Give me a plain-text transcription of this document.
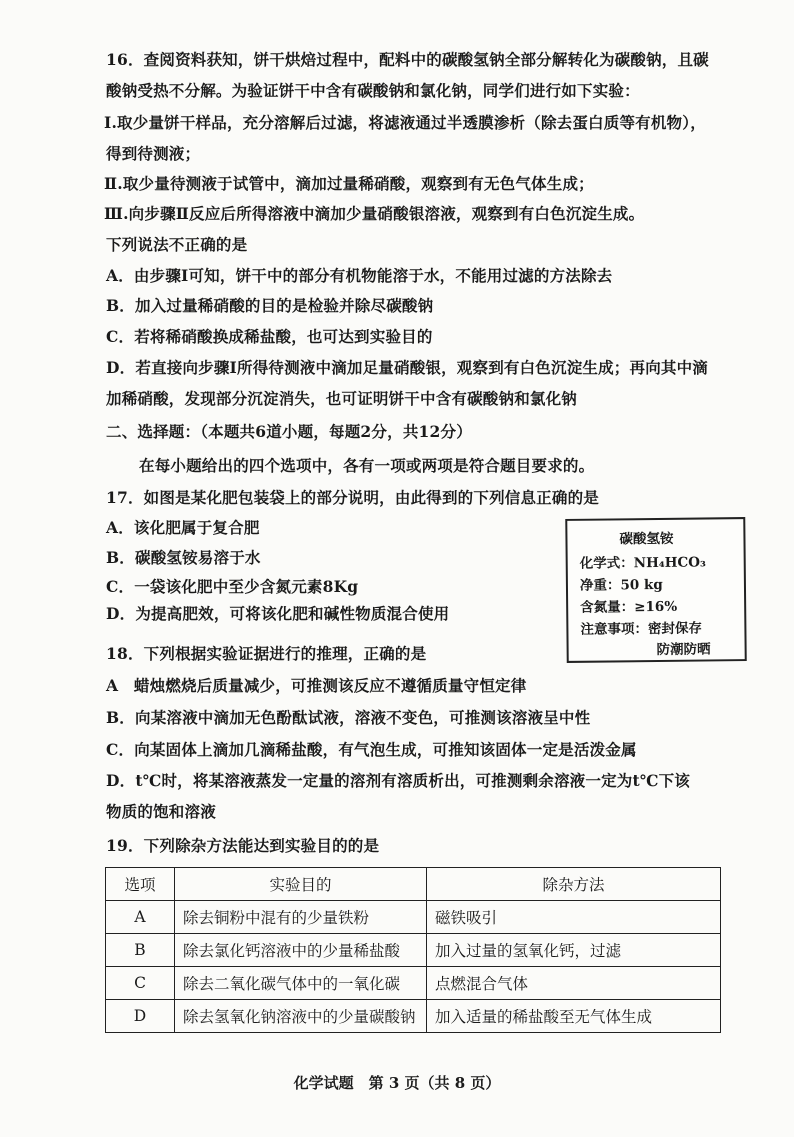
16．查阅资料获知，饼干烘焙过程中，配料中的碳酸氢钠全部分解转化为碳酸钠，且碳
酸钠受热不分解。为验证饼干中含有碳酸钠和氯化钠，同学们进行如下实验：
Ⅰ.取少量饼干样品，充分溶解后过滤，将滤液通过半透膜渗析（除去蛋白质等有机物），
得到待测液；
Ⅱ.取少量待测液于试管中，滴加过量稀硝酸，观察到有无色气体生成；
Ⅲ.向步骤Ⅱ反应后所得溶液中滴加少量硝酸银溶液，观察到有白色沉淀生成。
下列说法不正确的是
A．由步骤Ⅰ可知，饼干中的部分有机物能溶于水，不能用过滤的方法除去
B．加入过量稀硝酸的目的是检验并除尽碳酸钠
C．若将稀硝酸换成稀盐酸，也可达到实验目的
D．若直接向步骤Ⅰ所得待测液中滴加足量硝酸银，观察到有白色沉淀生成；再向其中滴
加稀硝酸，发现部分沉淀消失，也可证明饼干中含有碳酸钠和氯化钠
二、选择题：（本题共6道小题，每题2分，共12分）
在每小题给出的四个选项中，各有一项或两项是符合题目要求的。
17．如图是某化肥包装袋上的部分说明，由此得到的下列信息正确的是
A．该化肥属于复合肥
B．碳酸氢铵易溶于水
C．一袋该化肥中至少含氮元素8Kg
D．为提高肥效，可将该化肥和碱性物质混合使用
碳酸氢铵
化学式：NH₄HCO₃
净重：50 kg
含氮量：≥16%
注意事项：密封保存
防潮防晒
18．下列根据实验证据进行的推理，正确的是
A　蜡烛燃烧后质量减少，可推测该反应不遵循质量守恒定律
B．向某溶液中滴加无色酚酞试液，溶液不变色，可推测该溶液呈中性
C．向某固体上滴加几滴稀盐酸，有气泡生成，可推知该固体一定是活泼金属
D．t℃时，将某溶液蒸发一定量的溶剂有溶质析出，可推测剩余溶液一定为t℃下该
物质的饱和溶液
19．下列除杂方法能达到实验目的的是
选项	实验目的	除杂方法
A	除去铜粉中混有的少量铁粉	磁铁吸引
B	除去氯化钙溶液中的少量稀盐酸	加入过量的氢氧化钙，过滤
C	除去二氧化碳气体中的一氧化碳	点燃混合气体
D	除去氢氧化钠溶液中的少量碳酸钠	加入适量的稀盐酸至无气体生成
化学试题　第 3 页（共 8 页）
